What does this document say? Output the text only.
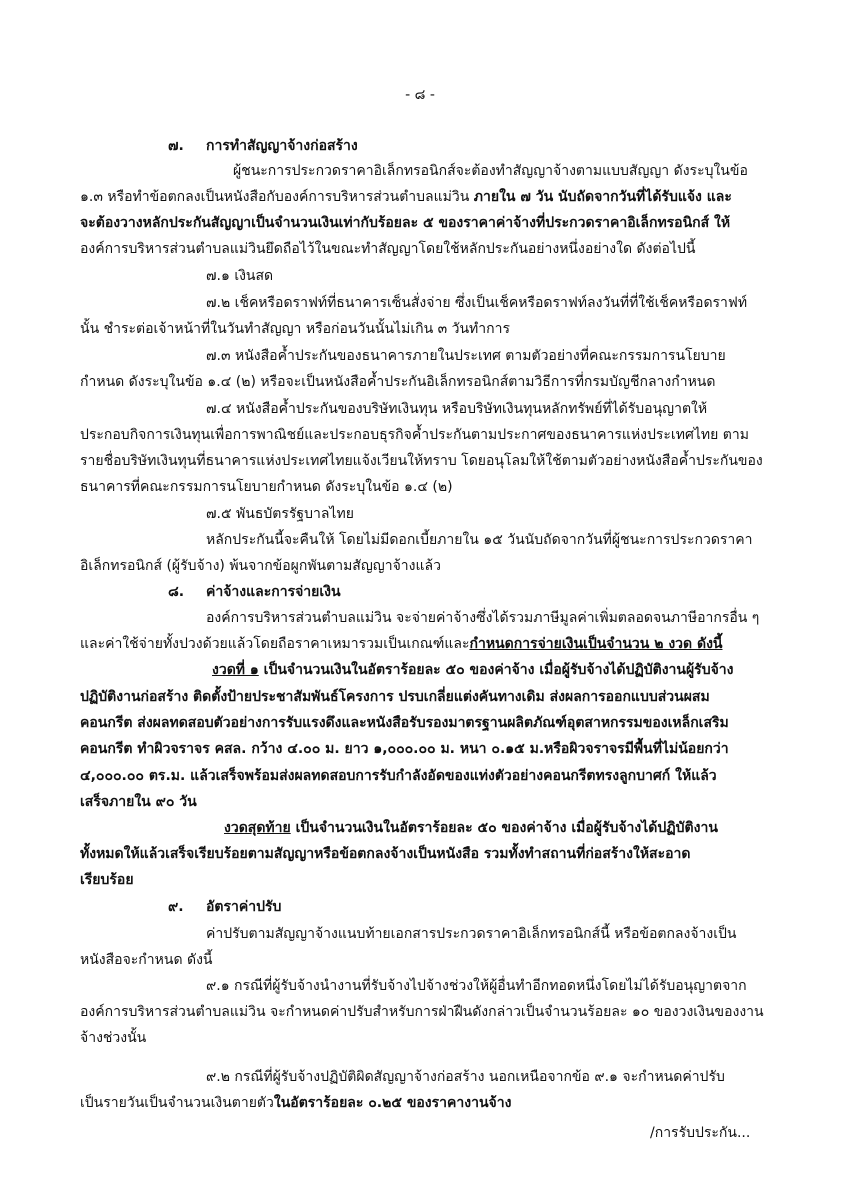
- ๘ -
๗. การทำสัญญาจ้างก่อสร้าง
ผู้ชนะการประกวดราคาอิเล็กทรอนิกส์จะต้องทำสัญญาจ้างตามแบบสัญญา ดังระบุในข้อ
๑.๓ หรือทำข้อตกลงเป็นหนังสือกับองค์การบริหารส่วนตำบลแม่วิน ภายใน ๗ วัน นับถัดจากวันที่ได้รับแจ้ง และ
จะต้องวางหลักประกันสัญญาเป็นจำนวนเงินเท่ากับร้อยละ ๕ ของราคาค่าจ้างที่ประกวดราคาอิเล็กทรอนิกส์ ให้
องค์การบริหารส่วนตำบลแม่วินยึดถือไว้ในขณะทำสัญญาโดยใช้หลักประกันอย่างหนึ่งอย่างใด ดังต่อไปนี้
๗.๑ เงินสด
๗.๒ เช็คหรือดราฟท์ที่ธนาคารเซ็นสั่งจ่าย ซึ่งเป็นเช็คหรือดราฟท์ลงวันที่ที่ใช้เช็คหรือดราฟท์
นั้น ชำระต่อเจ้าหน้าที่ในวันทำสัญญา หรือก่อนวันนั้นไม่เกิน ๓ วันทำการ
๗.๓ หนังสือค้ำประกันของธนาคารภายในประเทศ ตามตัวอย่างที่คณะกรรมการนโยบาย
กำหนด ดังระบุในข้อ ๑.๔ (๒) หรือจะเป็นหนังสือค้ำประกันอิเล็กทรอนิกส์ตามวิธีการที่กรมบัญชีกลางกำหนด
๗.๔ หนังสือค้ำประกันของบริษัทเงินทุน หรือบริษัทเงินทุนหลักทรัพย์ที่ได้รับอนุญาตให้
ประกอบกิจการเงินทุนเพื่อการพาณิชย์และประกอบธุรกิจค้ำประกันตามประกาศของธนาคารแห่งประเทศไทย ตาม
รายชื่อบริษัทเงินทุนที่ธนาคารแห่งประเทศไทยแจ้งเวียนให้ทราบ โดยอนุโลมให้ใช้ตามตัวอย่างหนังสือค้ำประกันของ
ธนาคารที่คณะกรรมการนโยบายกำหนด ดังระบุในข้อ ๑.๔ (๒)
๗.๕ พันธบัตรรัฐบาลไทย
หลักประกันนี้จะคืนให้ โดยไม่มีดอกเบี้ยภายใน ๑๕ วันนับถัดจากวันที่ผู้ชนะการประกวดราคา
อิเล็กทรอนิกส์ (ผู้รับจ้าง) พ้นจากข้อผูกพันตามสัญญาจ้างแล้ว
๘. ค่าจ้างและการจ่ายเงิน
องค์การบริหารส่วนตำบลแม่วิน จะจ่ายค่าจ้างซึ่งได้รวมภาษีมูลค่าเพิ่มตลอดจนภาษีอากรอื่น ๆ
และค่าใช้จ่ายทั้งปวงด้วยแล้วโดยถือราคาเหมารวมเป็นเกณฑ์และกำหนดการจ่ายเงินเป็นจำนวน ๒ งวด ดังนี้
งวดที่ ๑ เป็นจำนวนเงินในอัตราร้อยละ ๕๐ ของค่าจ้าง เมื่อผู้รับจ้างได้ปฏิบัติงานผู้รับจ้าง
ปฏิบัติงานก่อสร้าง ติดตั้งป้ายประชาสัมพันธ์โครงการ ปรบเกลี่ยแต่งคันทางเดิม ส่งผลการออกแบบส่วนผสม
คอนกรีต ส่งผลทดสอบตัวอย่างการรับแรงดึงและหนังสือรับรองมาตรฐานผลิตภัณฑ์อุตสาหกรรมของเหล็กเสริม
คอนกรีต ทำผิวจราจร คสล. กว้าง ๔.๐๐ ม. ยาว ๑,๐๐๐.๐๐ ม. หนา ๐.๑๕ ม.หรือผิวจราจรมีพื้นที่ไม่น้อยกว่า
๔,๐๐๐.๐๐ ตร.ม. แล้วเสร็จพร้อมส่งผลทดสอบการรับกำลังอัดของแท่งตัวอย่างคอนกรีตทรงลูกบาศก์ ให้แล้ว
เสร็จภายใน ๙๐ วัน
งวดสุดท้าย เป็นจำนวนเงินในอัตราร้อยละ ๕๐ ของค่าจ้าง เมื่อผู้รับจ้างได้ปฏิบัติงาน
ทั้งหมดให้แล้วเสร็จเรียบร้อยตามสัญญาหรือข้อตกลงจ้างเป็นหนังสือ รวมทั้งทำสถานที่ก่อสร้างให้สะอาด
เรียบร้อย
๙. อัตราค่าปรับ
ค่าปรับตามสัญญาจ้างแนบท้ายเอกสารประกวดราคาอิเล็กทรอนิกส์นี้ หรือข้อตกลงจ้างเป็น
หนังสือจะกำหนด ดังนี้
๙.๑ กรณีที่ผู้รับจ้างนำงานที่รับจ้างไปจ้างช่วงให้ผู้อื่นทำอีกทอดหนึ่งโดยไม่ได้รับอนุญาตจาก
องค์การบริหารส่วนตำบลแม่วิน จะกำหนดค่าปรับสำหรับการฝ่าฝืนดังกล่าวเป็นจำนวนร้อยละ ๑๐ ของวงเงินของงาน
จ้างช่วงนั้น
๙.๒ กรณีที่ผู้รับจ้างปฏิบัติผิดสัญญาจ้างก่อสร้าง นอกเหนือจากข้อ ๙.๑ จะกำหนดค่าปรับ
เป็นรายวันเป็นจำนวนเงินตายตัวในอัตราร้อยละ ๐.๒๕ ของราคางานจ้าง
/การรับประกัน...
